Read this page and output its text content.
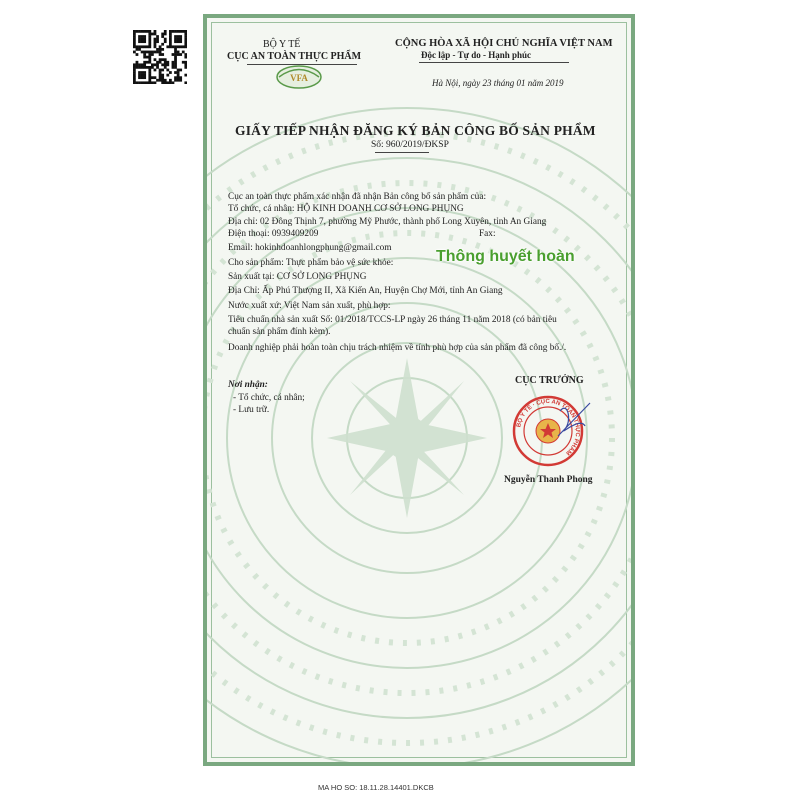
BỘ Y TẾ
CỤC AN TOÀN THỰC PHẨM
VFA
CỘNG HÒA XÃ HỘI CHỦ NGHĨA VIỆT NAM
Độc lập - Tự do - Hạnh phúc
Hà Nội, ngày 23 tháng 01 năm 2019
GIẤY TIẾP NHẬN ĐĂNG KÝ BẢN CÔNG BỐ SẢN PHẨM
Số: 960/2019/ĐKSP
Cục an toàn thực phẩm xác nhận đã nhận Bản công bố sản phẩm của:
Tổ chức, cá nhân: HỘ KINH DOANH CƠ SỞ LONG PHỤNG
Địa chỉ: 02 Đông Thịnh 7, phường Mỹ Phước, thành phố Long Xuyên, tỉnh An Giang
Điện thoại: 0939409209	Fax:
Email: hokinhdoanhlongphung@gmail.com
Cho sản phẩm: Thực phẩm bảo vệ sức khỏe:
Sản xuất tại: CƠ SỞ LONG PHỤNG
Địa Chỉ: Ấp Phú Thượng II, Xã Kiến An, Huyện Chợ Mới, tỉnh An Giang
Nước xuất xứ: Việt Nam sản xuất, phù hợp:
Tiêu chuẩn nhà sản xuất Số: 01/2018/TCCS-LP ngày 26 tháng 11 năm 2018 (có bản tiêu
chuẩn sản phẩm đính kèm).
Doanh nghiệp phải hoàn toàn chịu trách nhiệm về tính phù hợp của sản phẩm đã công bố./.
Thông huyết hoàn
Nơi nhận:
- Tổ chức, cá nhân;
- Lưu trữ.
CỤC TRƯỞNG
BỘ Y TẾ · CỤC AN TOÀN THỰC PHẨM
Nguyễn Thanh Phong
MA HO SO: 18.11.28.14401.DKCB
